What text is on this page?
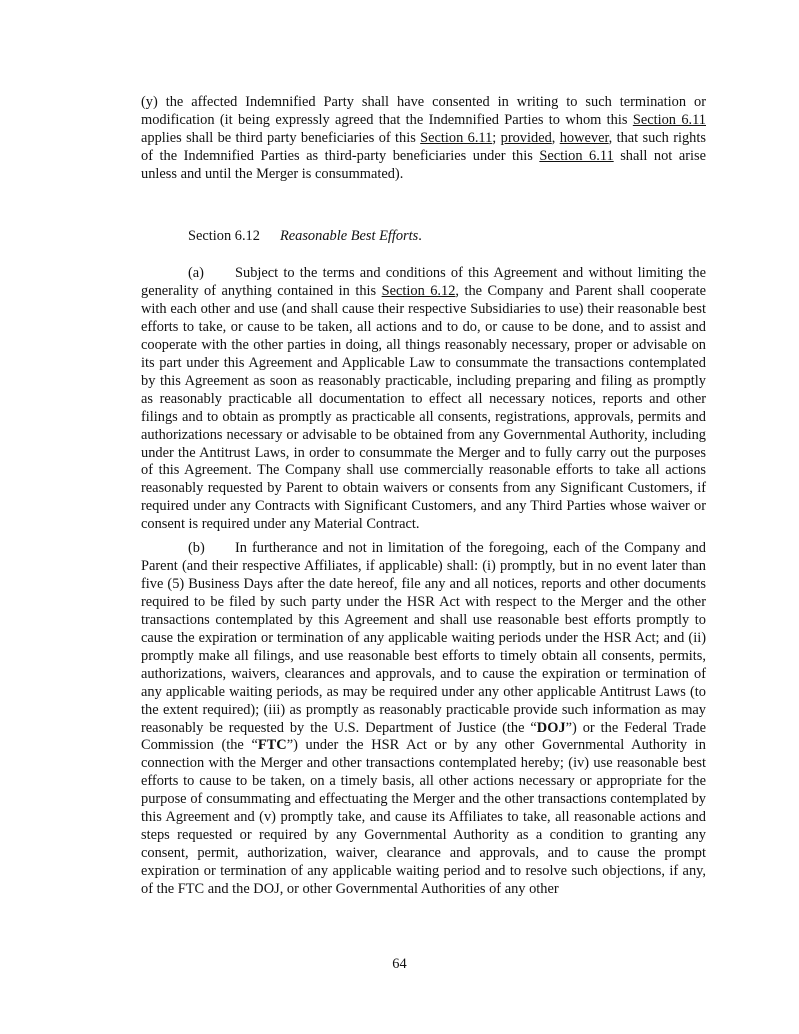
(y) the affected Indemnified Party shall have consented in writing to such termination or modification (it being expressly agreed that the Indemnified Parties to whom this Section 6.11 applies shall be third party beneficiaries of this Section 6.11; provided, however, that such rights of the Indemnified Parties as third-party beneficiaries under this Section 6.11 shall not arise unless and until the Merger is consummated).

Section 6.12 Reasonable Best Efforts.

(a) Subject to the terms and conditions of this Agreement and without limiting the generality of anything contained in this Section 6.12, the Company and Parent shall cooperate with each other and use (and shall cause their respective Subsidiaries to use) their reasonable best efforts to take, or cause to be taken, all actions and to do, or cause to be done, and to assist and cooperate with the other parties in doing, all things reasonably necessary, proper or advisable on its part under this Agreement and Applicable Law to consummate the transactions contemplated by this Agreement as soon as reasonably practicable, including preparing and filing as promptly as reasonably practicable all documentation to effect all necessary notices, reports and other filings and to obtain as promptly as practicable all consents, registrations, approvals, permits and authorizations necessary or advisable to be obtained from any Governmental Authority, including under the Antitrust Laws, in order to consummate the Merger and to fully carry out the purposes of this Agreement. The Company shall use commercially reasonable efforts to take all actions reasonably requested by Parent to obtain waivers or consents from any Significant Customers, if required under any Contracts with Significant Customers, and any Third Parties whose waiver or consent is required under any Material Contract.

(b) In furtherance and not in limitation of the foregoing, each of the Company and Parent (and their respective Affiliates, if applicable) shall: (i) promptly, but in no event later than five (5) Business Days after the date hereof, file any and all notices, reports and other documents required to be filed by such party under the HSR Act with respect to the Merger and the other transactions contemplated by this Agreement and shall use reasonable best efforts promptly to cause the expiration or termination of any applicable waiting periods under the HSR Act; and (ii) promptly make all filings, and use reasonable best efforts to timely obtain all consents, permits, authorizations, waivers, clearances and approvals, and to cause the expiration or termination of any applicable waiting periods, as may be required under any other applicable Antitrust Laws (to the extent required); (iii) as promptly as reasonably practicable provide such information as may reasonably be requested by the U.S. Department of Justice (the “DOJ”) or the Federal Trade Commission (the “FTC”) under the HSR Act or by any other Governmental Authority in connection with the Merger and other transactions contemplated hereby; (iv) use reasonable best efforts to cause to be taken, on a timely basis, all other actions necessary or appropriate for the purpose of consummating and effectuating the Merger and the other transactions contemplated by this Agreement and (v) promptly take, and cause its Affiliates to take, all reasonable actions and steps requested or required by any Governmental Authority as a condition to granting any consent, permit, authorization, waiver, clearance and approvals, and to cause the prompt expiration or termination of any applicable waiting period and to resolve such objections, if any, of the FTC and the DOJ, or other Governmental Authorities of any other

64
